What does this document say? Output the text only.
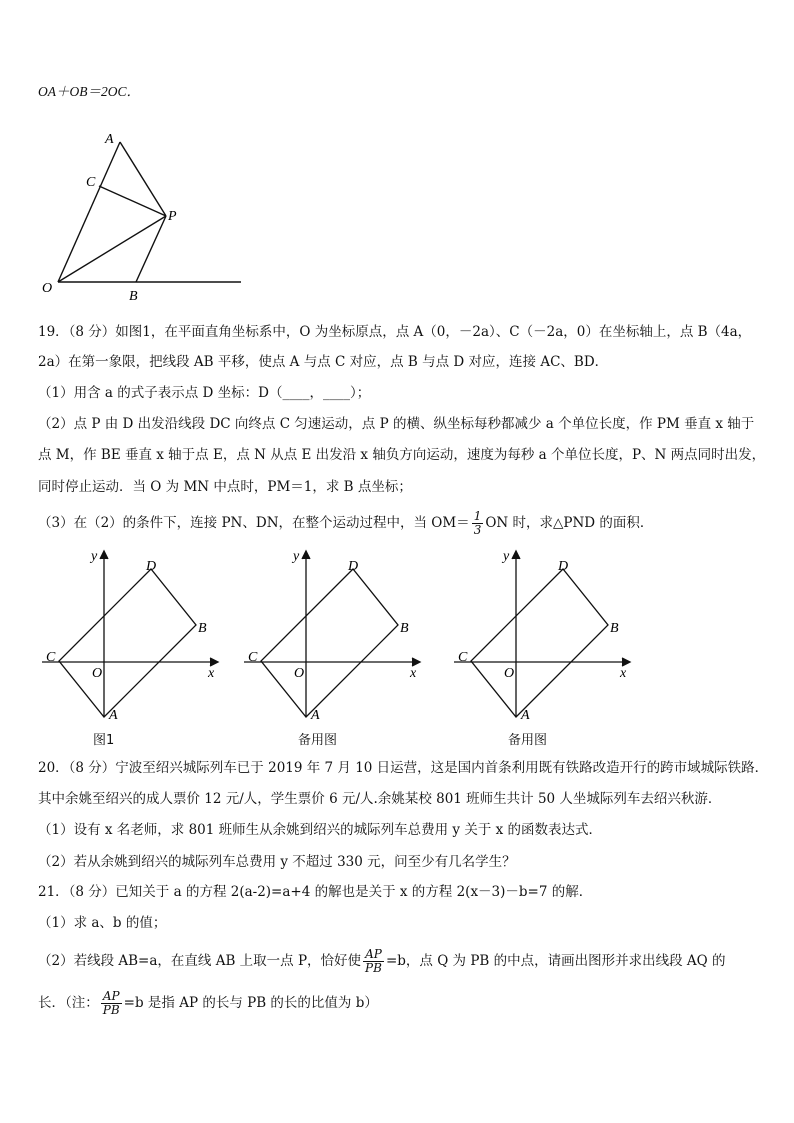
OA＋OB＝2OC．
A
C
P
O
B
19．（8 分）如图1，在平面直角坐标系中，O 为坐标原点，点 A（0，－2a）、C（－2a，0）在坐标轴上，点 B（4a，
2a）在第一象限，把线段 AB 平移，使点 A 与点 C 对应，点 B 与点 D 对应，连接 AC、BD．
（1）用含 a 的式子表示点 D 坐标：D（____，____）；
（2）点 P 由 D 出发沿线段 DC 向终点 C 匀速运动，点 P 的横、纵坐标每秒都减少 a 个单位长度，作 PM 垂直 x 轴于
点 M，作 BE 垂直 x 轴于点 E，点 N 从点 E 出发沿 x 轴负方向运动，速度为每秒 a 个单位长度，P、N 两点同时出发，
同时停止运动．当 O 为 MN 中点时，PM＝1，求 B 点坐标；
（3）在（2）的条件下，连接 PN、DN，在整个运动过程中，当 $OM= \frac{1}{3}$ ON 时，求△PND 的面积．
y
x
O
A
B
C
D
图1
y
x
O
A
B
C
D
备用图
y
x
O
A
B
C
D
备用图
20．（8 分）宁波至绍兴城际列车已于 2019 年 7 月 10 日运营，这是国内首条利用既有铁路改造开行的跨市域城际铁路．
其中余姚至绍兴的成人票价 12 元/人，学生票价 6 元/人.余姚某校 801 班师生共计 50 人坐城际列车去绍兴秋游．
（1）设有 x 名老师，求 801 班师生从余姚到绍兴的城际列车总费用 y 关于 x 的函数表达式．
（2）若从余姚到绍兴的城际列车总费用 y 不超过 330 元，问至少有几名学生？
21．（8 分）已知关于 a 的方程 2(a-2)=a+4 的解也是关于 x 的方程 2(x－3)－b=7 的解．
（1）求 a、b 的值；
（2）若线段 AB=a，在直线 AB 上取一点 P，恰好使 $\frac{AP}{PB} =b$，点 Q 为 PB 的中点，请画出图形并求出线段 AQ 的
长．（注： $\frac{AP}{PB} =b$ 是指 AP 的长与 PB 的长的比值为 b）
